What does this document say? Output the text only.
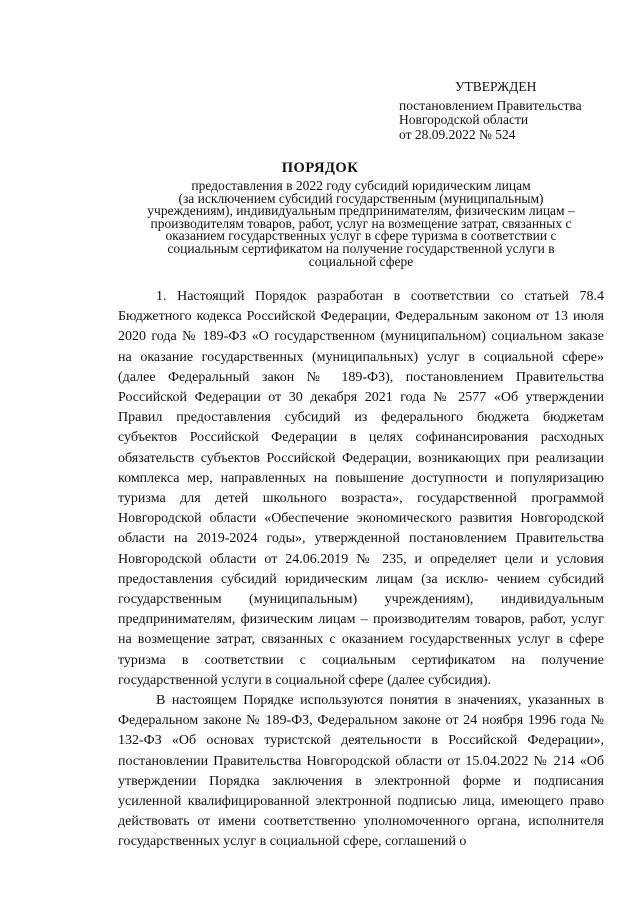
УТВЕРЖДЕН
постановлением Правительства
Новгородской области
от 28.09.2022 № 524
ПОРЯДОК
предоставления в 2022 году субсидий юридическим лицам
(за исключением субсидий государственным (муниципальным)
учреждениям), индивидуальным предпринимателям, физическим лицам –
производителям товаров, работ, услуг на возмещение затрат, связанных с
оказанием государственных услуг в сфере туризма в соответствии с
социальным сертификатом на получение государственной услуги в
социальной сфере

1. Настоящий Порядок разработан в соответствии со статьей 78.4 Бюджетного кодекса Российской Федерации, Федеральным законом от 13 июля 2020 года № 189-ФЗ «О государственном (муниципальном) социальном заказе на оказание государственных (муниципальных) услуг в социальной сфере» (далее Федеральный закон № 189-ФЗ), постановлением Правительства Российской Федерации от 30 декабря 2021 года № 2577 «Об утверждении Правил предоставления субсидий из федерального бюджета бюджетам субъектов Российской Федерации в целях софинансирования расходных обязательств субъектов Российской Федерации, возникающих при реализации комплекса мер, направленных на повышение доступности и популяризацию туризма для детей школьного возраста», государственной программой Новгородской области «Обеспечение экономического развития Новгородской области на 2019-2024 годы», утвержденной постановлением Правительства Новгородской области от 24.06.2019 № 235, и определяет цели и условия предоставления субсидий юридическим лицам (за исклю- чением субсидий государственным (муниципальным) учреждениям), индивидуальным предпринимателям, физическим лицам – производителям товаров, работ, услуг на возмещение затрат, связанных с оказанием государственных услуг в сфере туризма в соответствии с социальным сертификатом на получение государственной услуги в социальной сфере (далее субсидия).

В настоящем Порядке используются понятия в значениях, указанных в Федеральном законе № 189-ФЗ, Федеральном законе от 24 ноября 1996 года № 132-ФЗ «Об основах туристской деятельности в Российской Федерации», постановлении Правительства Новгородской области от 15.04.2022 № 214 «Об утверждении Порядка заключения в электронной форме и подписания усиленной квалифицированной электронной подписью лица, имеющего право действовать от имени соответственно уполномоченного органа, исполнителя государственных услуг в социальной сфере, соглашений о
